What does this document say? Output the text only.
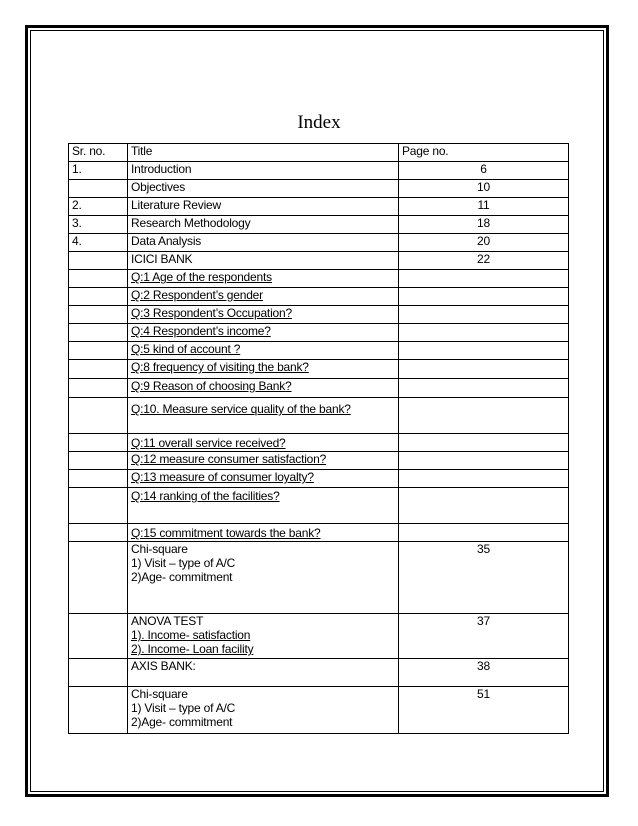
Index
Sr. no.	Title	Page no.
1.	Introduction	6
	Objectives	10
2.	Literature Review	11
3.	Research Methodology	18
4.	Data Analysis	20
	ICICI BANK	22
	Q:1 Age of the respondents	
	Q:2 Respondent’s gender	
	Q:3 Respondent’s Occupation?	
	Q:4 Respondent’s income?	
	Q:5 kind of account ?	
	Q:8 frequency of visiting the bank?	
	Q:9 Reason of choosing Bank?	
	Q:10. Measure service quality of the bank?	
	Q:11 overall service received?	
	Q:12 measure consumer satisfaction?	
	Q:13 measure of consumer loyalty?	
	Q:14 ranking of the facilities?	
	Q:15 commitment towards the bank?	

	Chi-square
1) Visit – type of A/C
2)Age- commitment	35

	ANOVA TEST
1). Income- satisfaction
2). Income- Loan facility	37
	AXIS BANK:	38

	Chi-square
1) Visit – type of A/C
2)Age- commitment	51
